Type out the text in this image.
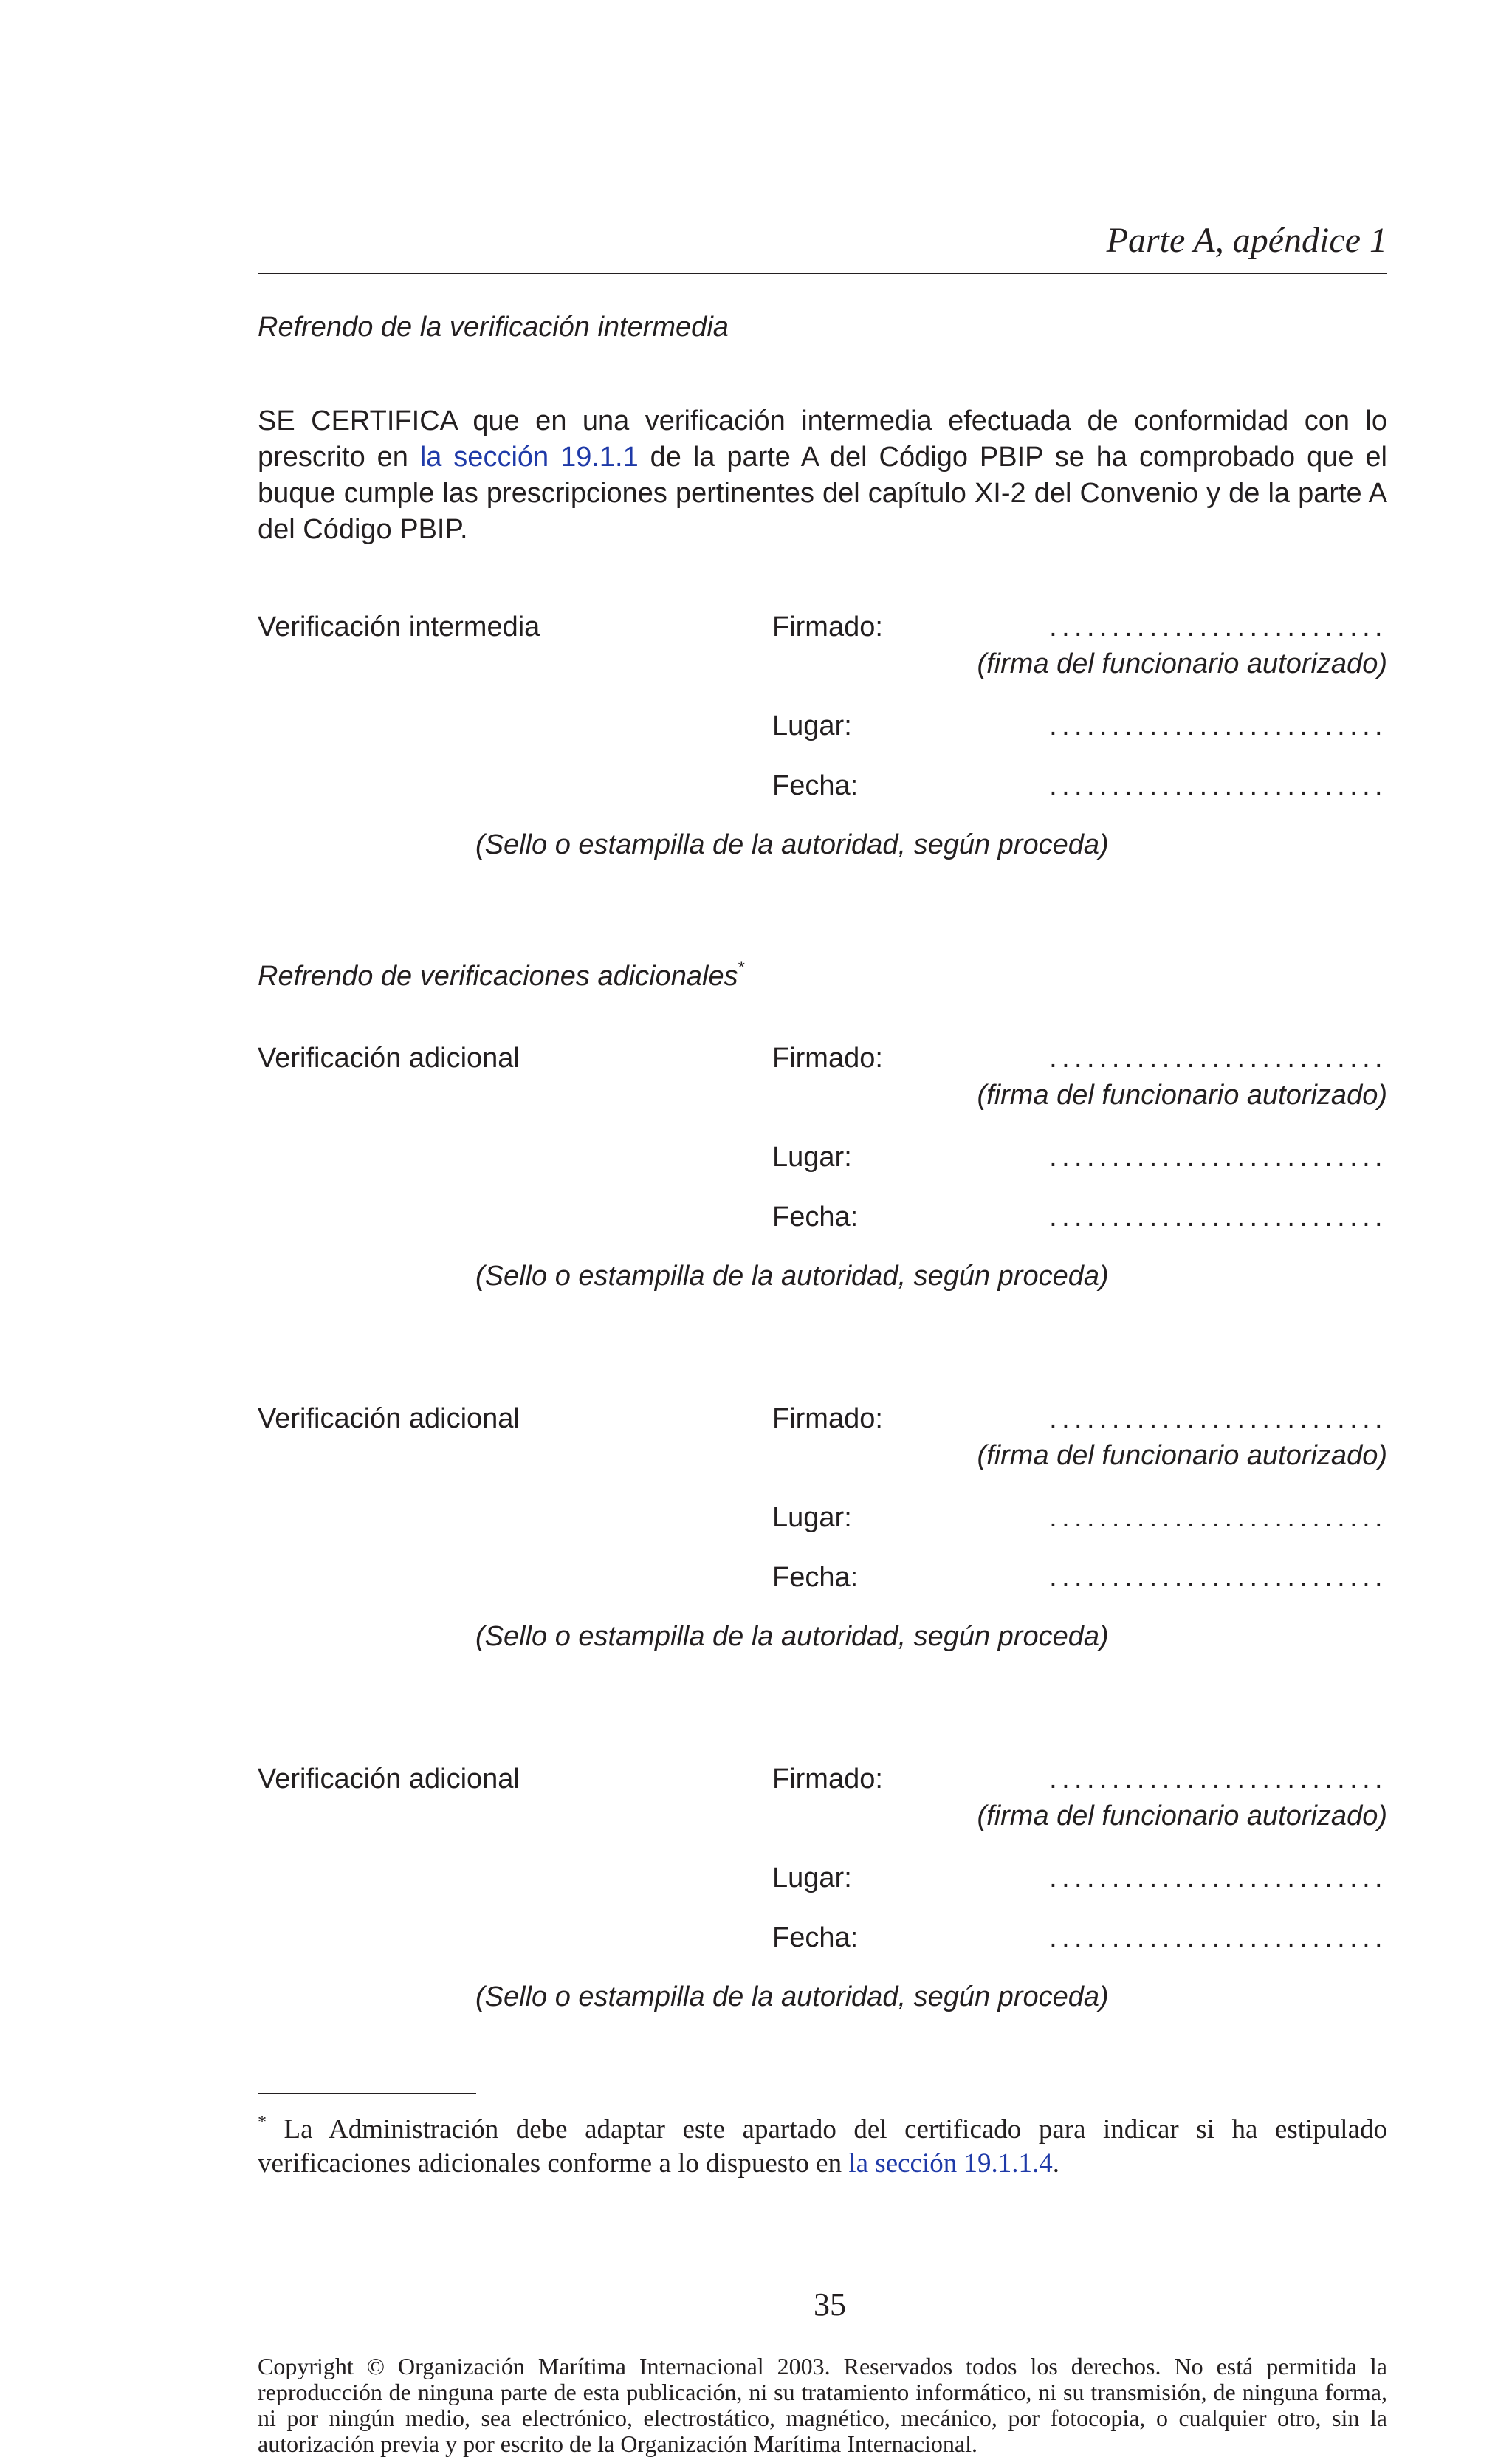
Parte A, apéndice 1
Refrendo de la verificación intermedia
SE CERTIFICA que en una verificación intermedia efectuada de conformidad con lo prescrito en la sección 19.1.1 de la parte A del Código PBIP se ha comprobado que el buque cumple las prescripciones pertinentes del capítulo XI-2 del Convenio y de la parte A del Código PBIP.
Verificación intermedia	Firmado:	...........................
(firma del funcionario autorizado)
Lugar:	...........................
Fecha:	...........................
(Sello o estampilla de la autoridad, según proceda)
Refrendo de verificaciones adicionales*
Verificación adicional	Firmado:	...........................
(firma del funcionario autorizado)
Lugar:	...........................
Fecha:	...........................
(Sello o estampilla de la autoridad, según proceda)
Verificación adicional	Firmado:	...........................
(firma del funcionario autorizado)
Lugar:	...........................
Fecha:	...........................
(Sello o estampilla de la autoridad, según proceda)
Verificación adicional	Firmado:	...........................
(firma del funcionario autorizado)
Lugar:	...........................
Fecha:	...........................
(Sello o estampilla de la autoridad, según proceda)
* La Administración debe adaptar este apartado del certificado para indicar si ha estipulado verificaciones adicionales conforme a lo dispuesto en la sección 19.1.1.4.
35
Copyright © Organización Marítima Internacional 2003. Reservados todos los derechos. No está permitida la reproducción de ninguna parte de esta publicación, ni su tratamiento informático, ni su transmisión, de ninguna forma, ni por ningún medio, sea electrónico, electrostático, magnético, mecánico, por fotocopia, o cualquier otro, sin la autorización previa y por escrito de la Organización Marítima Internacional.
